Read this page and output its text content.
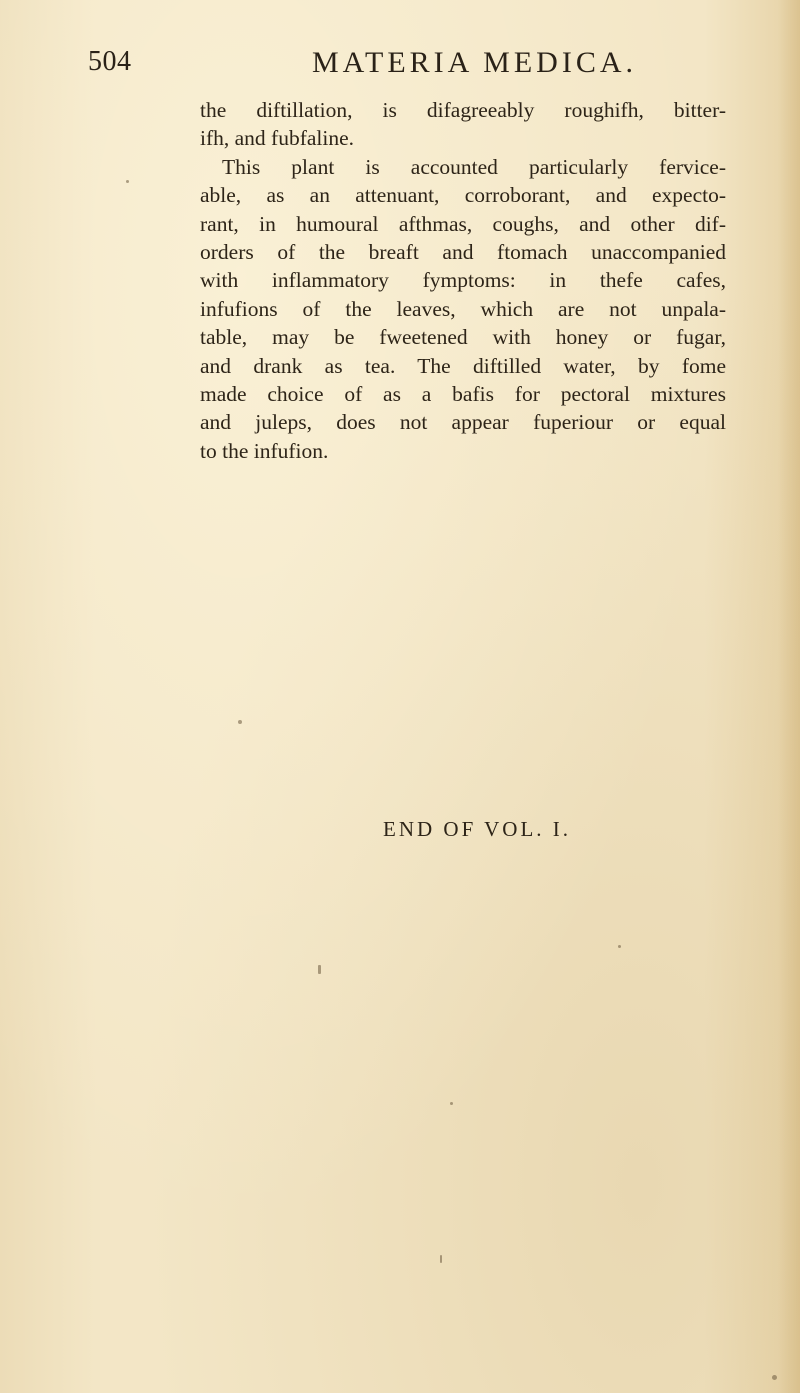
504	MATERIA MEDICA.
the diftillation, is difagreeably roughifh, bitter-
ifh, and fubfaline.
This plant is accounted particularly fervice-
able, as an attenuant, corroborant, and expecto-
rant, in humoural afthmas, coughs, and other dif-
orders of the breaft and ftomach unaccompanied
with inflammatory fymptoms: in thefe cafes,
infufions of the leaves, which are not unpala-
table, may be fweetened with honey or fugar,
and drank as tea. The diftilled water, by fome
made choice of as a bafis for pectoral mixtures
and juleps, does not appear fuperiour or equal
to the infufion.
END OF VOL. I.
